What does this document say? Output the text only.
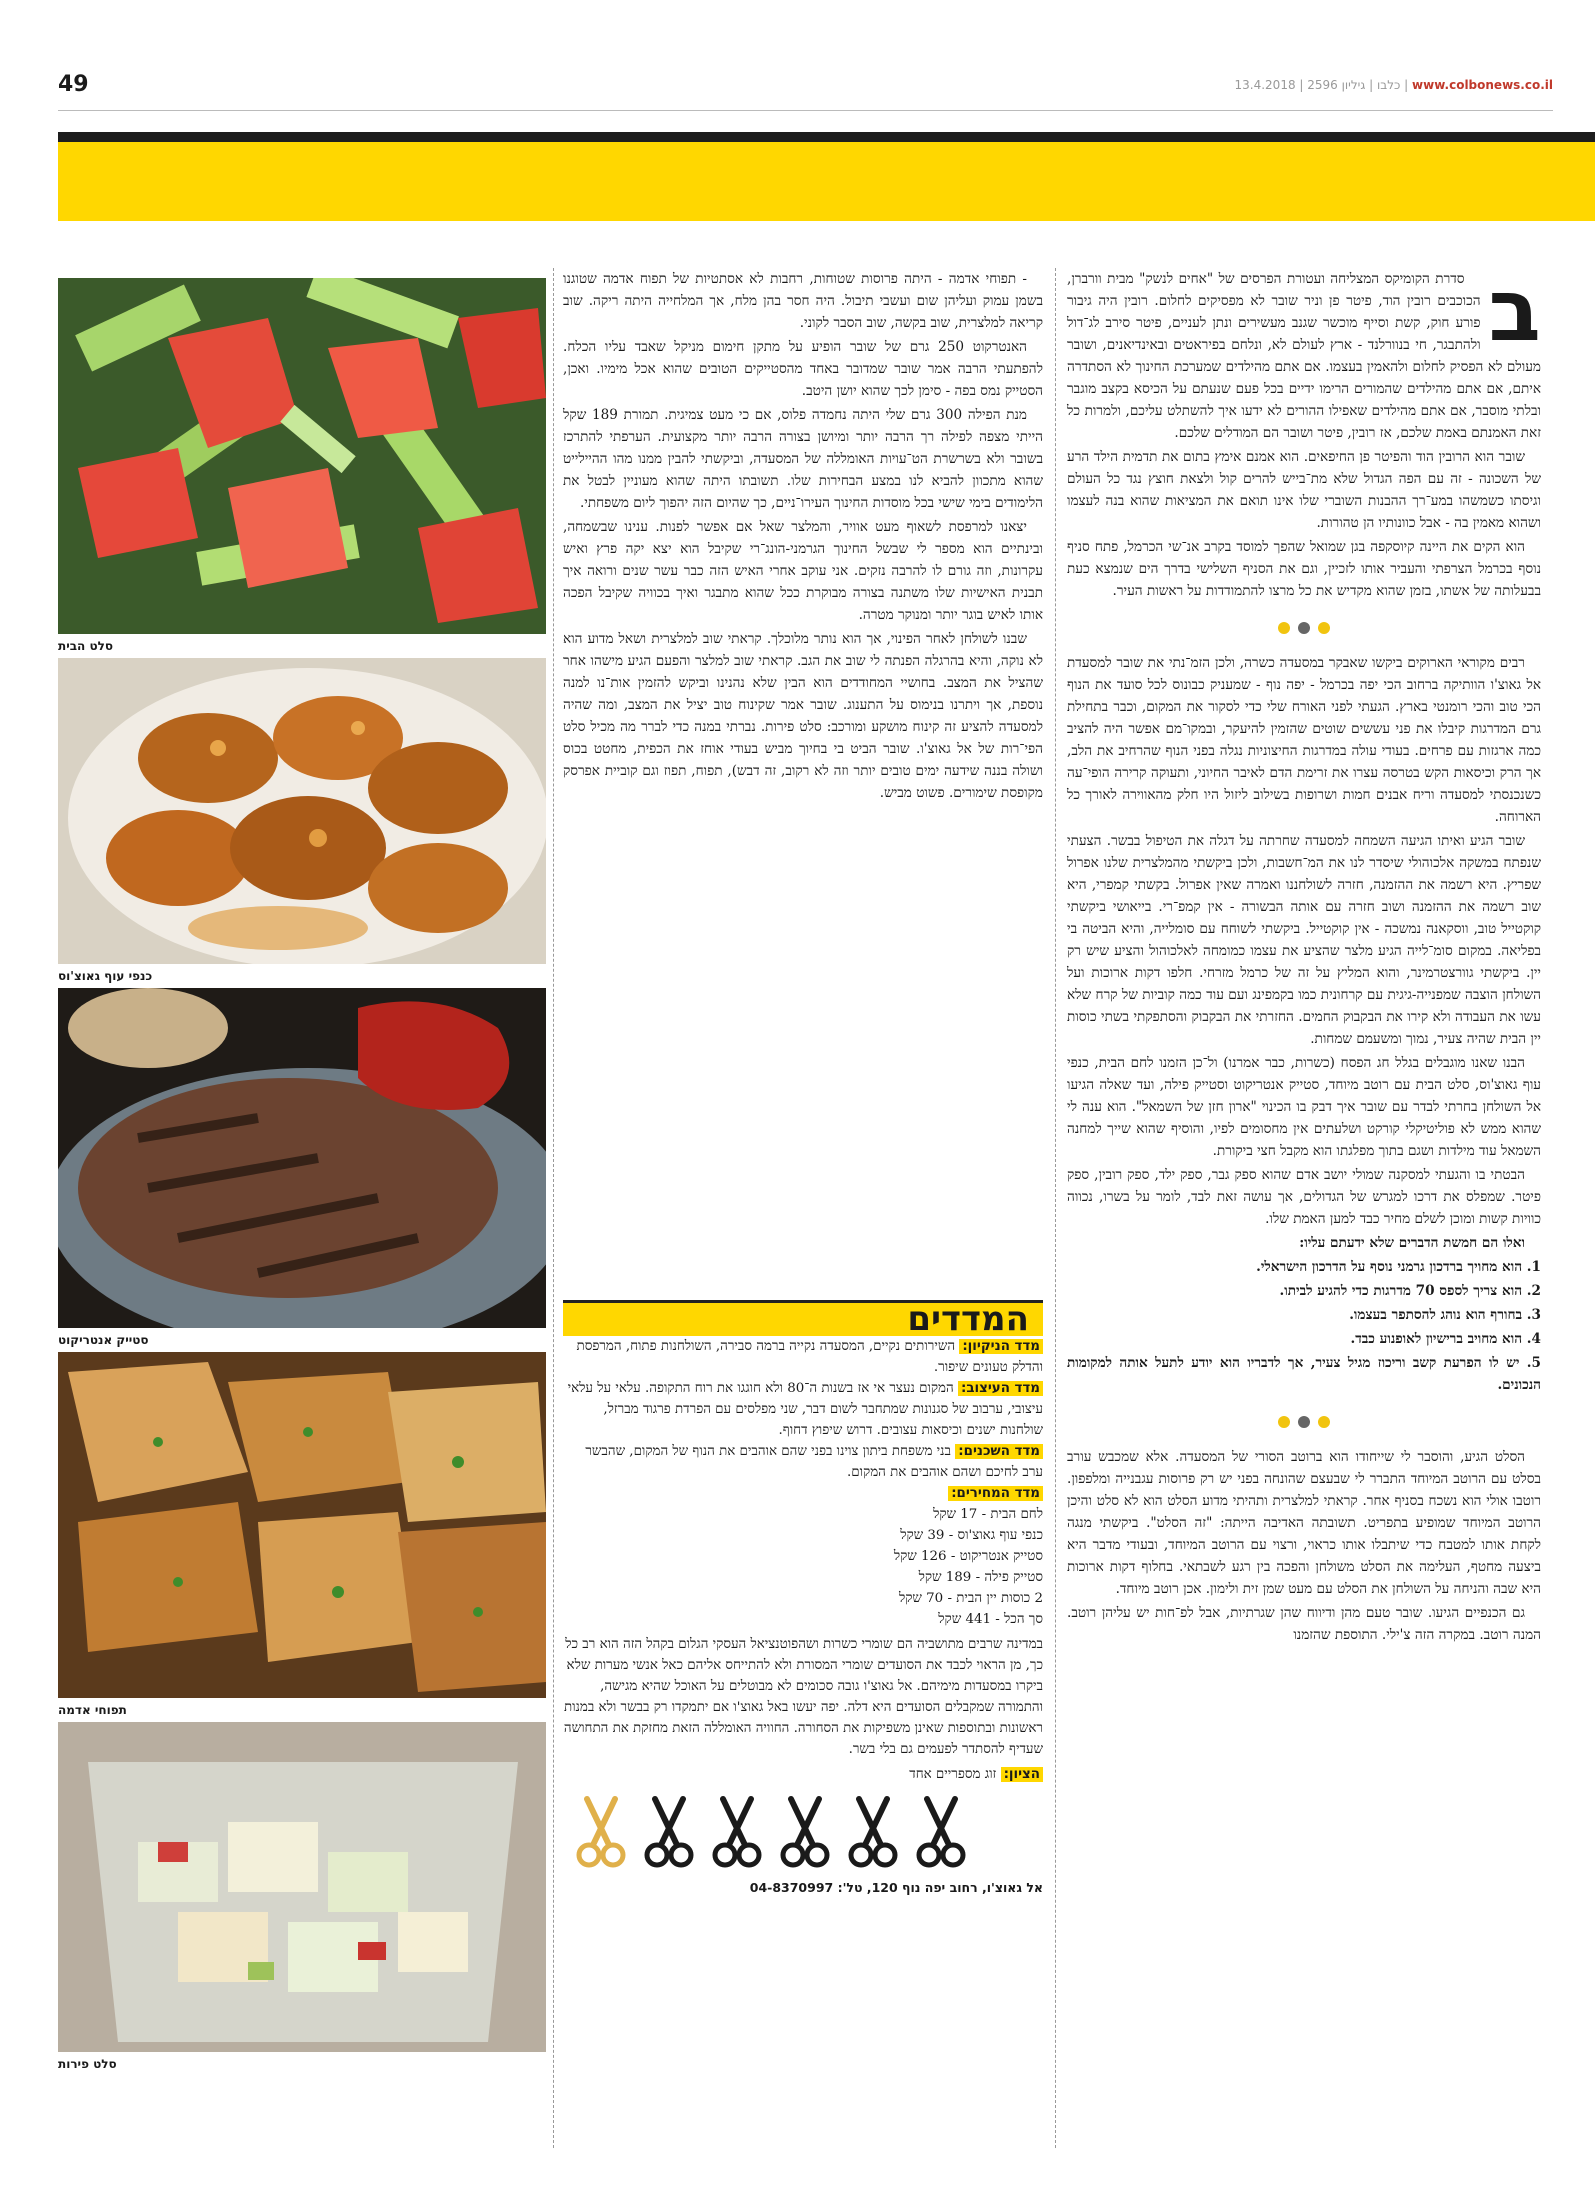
49	www.colbonews.co.il | כלבו | גיליון 2596 | 13.4.2018
סלט הבית
כנפי עוף גאוצ'וס
סטייק אנטריקוט
תפוחי אדמה
סלט פירות
ב

סדרת הקומיקס המצליחה ועטורת הפרסים של "אחים לנשק" מבית וורברן, הכוכבים רובין הוד, פיטר פן וניר שובר לא מפסיקים לחלום. רובין היה גיבור פורע חוק, קשת וסייף מוכשר שגנב מעשירים ונתן לעניים, פיטר סירב לג־דול ולהתבגר, חי בנוורלנד - ארץ לעולם לא, ונלחם בפיראטים ובאינדיאנים, ושובר מעולם לא הפסיק לחלום ולהאמין בעצמו. אם אתם מהילדים שמערכת החינוך לא הסתדרה איתם, אם אתם מהילדים שהמורים הרימו ידיים בכל פעם שנעתם על הכיסא בקצב מוגבר ובלתי מוסבר, אם אתם מהילדים שאפילו ההורים לא ידעו איך להשתלט עליכם, ולמרות כל זאת האמנתם באמת שלכם, אז רובין, פיטר ושובר הם המודלים שלכם.

שובר הוא הרובין הוד והפיטר פן החיפאים. הוא אמנם אימץ בתום את תדמית הילד הרע של השכונה - זה עם הפה הגדול שלא מת־בייש להרים קול ולצאת חוצץ נגד כל העולם וגיסתו כשמשהו במע־רך ההבנות השוברי שלו אינו תואם את המציאות שהוא בנה לעצמו ושהוא מאמין בה - אבל כוונותיו הן טהורות.

הוא הקים את היינה קיוסקפה בגן שמואל שהפך למוסד בקרב אנ־שי הכרמל, פתח סניף נוסף בכרמל הצרפתי והעביר אותו לזכיין, וגם את הסניף השלישי בדרך הים שנמצא כעת בבעלותה של אשתו, בזמן שהוא מקדיש את כל מרצו להתמודדות על ראשות העיר.

רבים מקוראי הארוקים ביקשו שאבקר במסעדה כשרה, ולכן הזמ־נתי את שובר למסעדת אל גאוצ'ו הוותיקה ברחוב הכי יפה בכרמל - יפה נוף - שמעניק כבונוס לכל סועד את הנוף הכי טוב והכי רומנטי בארץ. הגעתי לפני האורח שלי כדי לסקור את המקום, וכבר בתחילת גרם המדרגות קיבלו את פני עששים שוטים שהזמין להיעקר, ובמקו־מם אפשר היה להציב כמה ארגזות עם פרחים. בעודי עולה במדרגות החיצוניות נגלה בפני הנוף שהרחיב את הלב, אך הרק וכיסאות הקש בטרסה עצרו את זרימת הדם לאיבר החיוני, ותעוקה קרירה הופי־עה כשנכנסתי למסעדה וריח אבנים חמות ושרופות בשילוב ליזול היו חלק מהאווירה לאורך כל הארוחה.

שובר הגיע ואיתו הגיעה השמחה למסעדה שחרתה על דגלה את הטיפול בבשר. הצעתי שנפתח במשקה אלכוהולי שיסדר לנו את המ־חשבות, ולכן ביקשתי מהמלצרית שלנו אפרול שפריץ. היא רשמה את ההזמנה, חזרה לשולחננו ואמרה שאין אפרול. בקשתי קמפרי, היא שוב רשמה את ההזמנה ושוב חזרה עם אותה הבשורה - אין קמפ־רי. בייאושי ביקשתי קוקטייל טוב, ווסקאנה נמשכה - אין קוקטייל. ביקשתי לשוחח עם סומלייה, והיא הביטה בי בפליאה. במקום סומ־לייה הגיע מלצר שהציע את עצמו כמומחה לאלכוהול והציע שיש רק יין. ביקשתי גוורצטרמינר, והוא המליץ על זה של כרמל מזרחי. חלפו דקות ארוכות ועל השולחן הוצבה שמפנייה-גיגית עם קרחונית כמו בקמפינג ועם עוד כמה קוביות של קרח שלא עשו את העבודה ולא קירו את הבקבוק החמים. החזרתי את הבקבוק והסתפקתי בשתי כוסות יין הבית שהיה צעיר, נמוך ומשעמם שמחות.

הבנו שאנו מוגבלים בגלל חג הפסח (כשרות, כבר אמרנו) ול־כן הזמנו לחם הבית, כנפי עוף גאוצ'וס, סלט הבית עם רוטב מיוחד, סטייק אנטריקוט וסטייק פילה, ועד שאלה הגיעו אל השולחן בחרתי לבדר עם שובר איך דבק בו הכינוי "ארון חזן של השמאל". הוא ענה לי שהוא ממש לא פוליטיקלי קורקט ושלעתים אין מחסומים לפיו, והוסיף שהוא שייך למחנה השמאל עוד מילדות ושגם בתוך מפלגתו הוא מקבל חצי ביקורת.

הבטתי בו והגעתי למסקנה שמולי יושב אדם שהוא ספק גבר, ספק ילד, ספק רובין, ספק פיטר. שמפלס את דרכו למגרש של הגדולים, אך עושה זאת לבד, לומר על בשרו, נכווה כוויות קשות ומוכן לשלם מחיר כבד למען האמת שלו.

ואלו הם חמשת הדברים שלא ידעתם עליו:

1. הוא מחויך ברדכון גרמני נוסף על הדרכון הישראלי.

2. הוא צריך לספס 70 מדרגות כדי להגיע לביתו.

3. בחורף הוא נוהג להסתפר בעצמו.

4. הוא מחויב ברישיון לאופנוע כבד.

5. יש לו הפרעת קשב וריכוז מגיל צעיר, אך לדבריו הוא יודע לתעל אותה למקומות הנכונים.

הסלט הגיע, והוסבר לי שייחודו הוא ברוטב הסורי של המסעדה. אלא שמכבש עורב בסלט עם הרוטב המיוחד התברר לי שבעצם שהונחה בפני יש רק פרוסות עגבנייה ומלפפון. רוטבו אולי הוא נשכח בסניף אחר. קראתי למלצרית ותהיתי מדוע הסלט הוא לא סלט והיכן הרוטב המיוחד שמופיע בתפריט. תשובתה האדיבה הייתה: "זה הסלט". ביקשתי מנגה לקחת אותו למטבח כדי שיתבלו אותו כראוי, ורצוי עם הרוטב המיוחד, ובעודי מדבר היא ביצעה מחטף, העלימה את הסלט משולחן והפכה בין רגע לשבתאי. בחלוף דקות ארוכות היא שבה והניחה על השולחן את הסלט עם מעט שמן זית ולימון. אכן רוטב מיוחד.

גם הכנפיים הגיעו. שובר טעם מהן ודיווח שהן שגרתיות, אבל לפ־חות יש עליהן רוטב. המנה רוטב. במקרה הזה צ'ילי. התוספת שהזמנו

- תפוחי אדמה - היתה פרוסות שטוחות, רחבות לא אסתטיות של תפוח אדמה שטוגנו בשמן עמוק ועליהן שום ועשבי תיבול. היה חסר בהן מלח, אך המלחייה היתה ריקה. שוב קריאה למלצרית, שוב בקשה, שוב הסבר לקוני.

האנטרקוט 250 גרם של שובר הופיע על מתקן חימום מניקל שאבד עליו הכלח. להפתעתי הרבה אמר שובר שמדובר באחד מהסטייקים הטובים שהוא אכל מימיו. ואכן, הסטייק נמס בפה - סימן לכך שהוא יושן היטב.

מנת הפילה 300 גרם שלי היתה נחמדה פלוס, אם כי מעט צמיגית. תמורת 189 שקל הייתי מצפה לפילה רך הרבה יותר ומיושן בצורה הרבה יותר מקצועית. הערפתי להתרכז בשובר ולא בשרשרת הט־עויות האומללה של המסעדה, וביקשתי להבין ממנו מהו ההיילייט שהוא מתכוון להביא לנו במצע הבחירות שלו. תשובתו היתה שהוא מעוניין לבטל את הלימודים בימי שישי בכל מוסדות החינוך העירו־ניים, כך שהיום הזה יהפוך ליום משפחתי.

יצאנו למרפסת לשאוף מעט אוויר, והמלצר שאל אם אפשר לפנות. ענינו שבשמחה, ובינתיים הוא מספר לי שבשל החינוך הגרמני-הונג־רי שקיבל הוא יצא יקה פרץ ואיש עקרונות, וזה גורם לו להרבה נזקים. אני עוקב אחרי האיש הזה כבר עשר שנים ורואה איך תבנית האישיות שלו משתנה בצורה מבוקרת ככל שהוא מתבגר ואיך בכוויה שקיבל הפכה אותו לאיש בוגר יותר ומנוקר מטרה.

שבנו לשולחן לאחר הפינוי, אך הוא נותר מלוכלך. קראתי שוב למלצרית ושאל מדוע הוא לא נוקה, והיא בהרגלה הפנתה לי שוב את הגב. קראתי שוב למלצר והפעם הגיע מישהו אחר שהציל את המצב. בחושיי המחודדים הוא הבין שלא נהנינו וביקש להזמין אות־נו למנה נוספת, אך ויתרנו בנימוס על התענוג. שובר אמר שקינוח טוב יציל את המצב, ומה שהיה למסעדה להציע זה קינוח מושקע ומורכב: סלט פירות. נברתי במנה כדי לברר מה מכיל סלט הפי־רות של אל גאוצ'ו. שובר הביט בי בחיוך מביש בעודי אוחז את הכפית, מחטט בכוס ושולה בננה שידעה ימים טובים יותר וזה לא רקוב, זה דבש), תפוח, תפוז וגם קוביית אפרסק מקופסת שימורים. פשוט מביש.

המדדים

מדד הניקיון: השירותים נקיים, המסעדה נקייה ברמה סבירה, השולחנות פתוח, המרפסת והדלק טעונים שיפור.

מדד העיצוב: המקום נעצר אי אז בשנות ה־80 ולא חוגגו את רוח התקופה. עלאי על עלאי עיצובי, ערבוב של סגנונות שמתחבר לשום דבר, שני מפלסים עם הפרדת פרגוד מברזל, שולחנות ישנים וכיסאות עצובים. דרוש שיפוץ דחוף.

מדד השכנים: בני משפחת ביתון צוינו בפני שהם אוהבים את הנוף של המקום, שהבשר ערב לחיכם ושהם אוהבים את המקום.

מדד המחירים:

לחם הבית - 17 שקל

כנפי עוף גאוצ'וס - 39 שקל

סטייק אנטריקוט - 126 שקל

סטייק פילה - 189 שקל

2 כוסות יין הבית - 70 שקל

סך הכל - 441 שקל

במדינה שרבים מתושביה הם שומרי כשרות ושהפוטנציאל העסקי הגלום בקהל הזה הוא רב כל כך, מן הראוי לכבד את הסועדים שומרי המסורת ולא להתייחס אליהם כאל אנשי מערות שלא ביקרו במסעדות מימיהם. אל גאוצ'ו גובה סכומים לא מבוטלים על האוכל שהיא מגישה, והתמורה שמקבלים הסועדים היא דלה. יפה יעשו באל גאוצ'ו אם יתמקדו רק בבשר ולא במנות ראשונות ובתוספות שאינן משפיקות את הסחורה. החוויה האומללה הזאת מחזקת את התחושה שעדיף להסתדר לפעמים גם בלי בשר.

הציון: זוג מספריים אחד

אל גאוצ'ו, רחוב יפה נוף 120, טל': 04-8370997
